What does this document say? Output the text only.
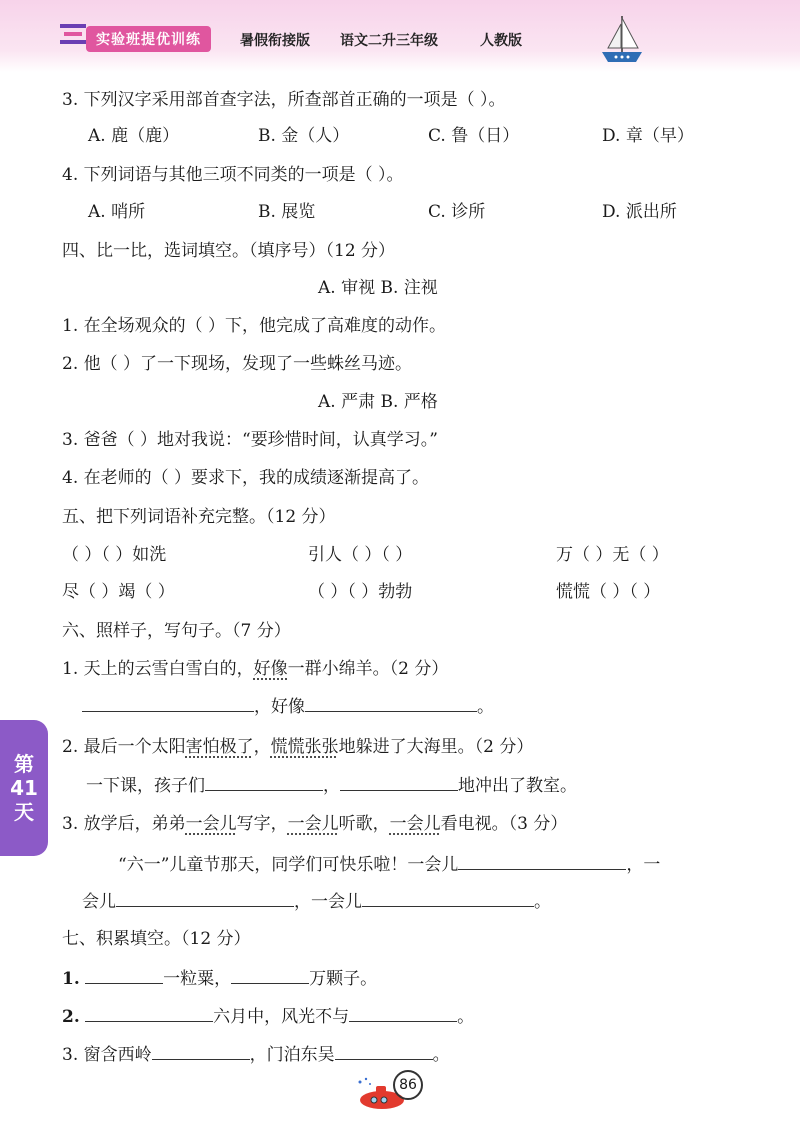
实验班提优训练	暑假衔接版 语文二升三年级	人教版
第
41
天
3. 下列汉字采用部首查字法，所查部首正确的一项是（ ）。
A. 鹿（鹿）	B. 金（人）	C. 鲁（日）	D. 章（早）
4. 下列词语与其他三项不同类的一项是（ ）。
A. 哨所	B. 展览	C. 诊所	D. 派出所
四、比一比，选词填空。（填序号）（12 分）
A. 审视 B. 注视
1. 在全场观众的（ ）下，他完成了高难度的动作。
2. 他（ ）了一下现场，发现了一些蛛丝马迹。
A. 严肃 B. 严格
3. 爸爸（ ）地对我说：“要珍惜时间，认真学习。”
4. 在老师的（ ）要求下，我的成绩逐渐提高了。
五、把下列词语补充完整。（12 分）
（ ）（ ）如洗	引人（ ）（ ）	万（ ）无（ ）
尽（ ）竭（ ）	（ ）（ ）勃勃	慌慌（ ）（ ）
六、照样子，写句子。（7 分）
1. 天上的云雪白雪白的，好像一群小绵羊。（2 分）
，好像	。
2. 最后一个太阳害怕极了，慌慌张张地躲进了大海里。（2 分）
一下课，孩子们	，	地冲出了教室。
3. 放学后，弟弟一会儿写字，一会儿听歌，一会儿看电视。（3 分）
“六一”儿童节那天，同学们可快乐啦！一会儿	，一
会儿	，一会儿	。
七、积累填空。（12 分）
1.	一粒粟，	万颗子。
2.	六月中，风光不与	。
3. 窗含西岭	，门泊东吴	。
86
